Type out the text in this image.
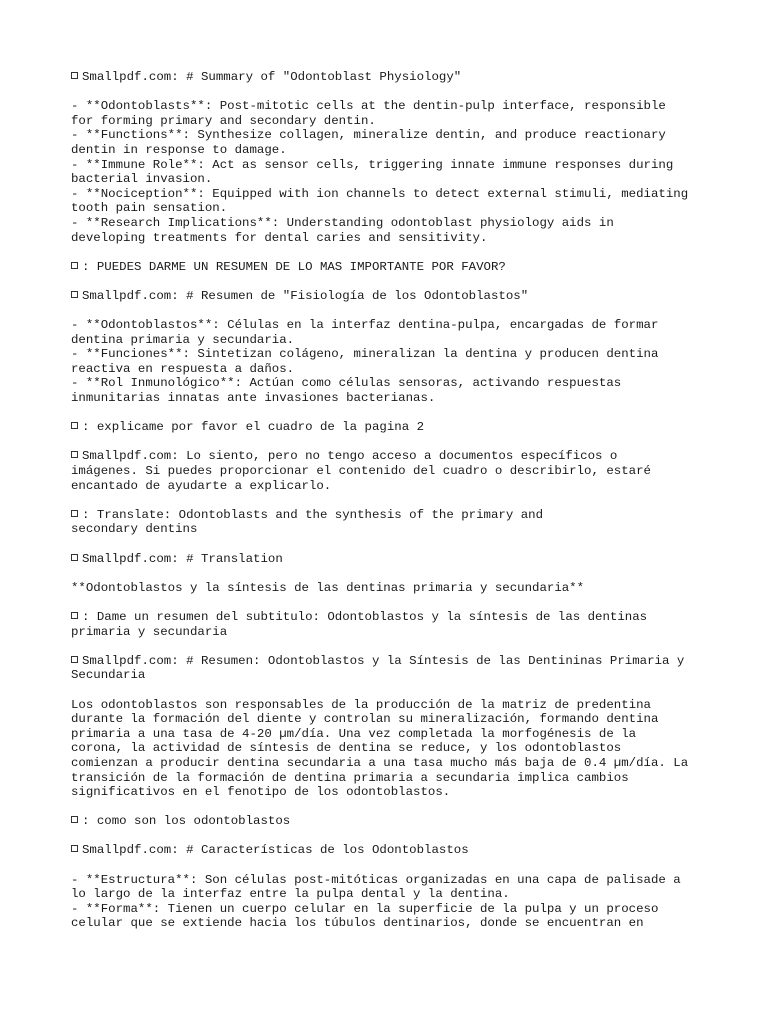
Smallpdf.com: # Summary of "Odontoblast Physiology"
- **Odontoblasts**: Post-mitotic cells at the dentin-pulp interface, responsible
for forming primary and secondary dentin.
- **Functions**: Synthesize collagen, mineralize dentin, and produce reactionary
dentin in response to damage.
- **Immune Role**: Act as sensor cells, triggering innate immune responses during
bacterial invasion.
- **Nociception**: Equipped with ion channels to detect external stimuli, mediating
tooth pain sensation.
- **Research Implications**: Understanding odontoblast physiology aids in
developing treatments for dental caries and sensitivity.
: PUEDES DARME UN RESUMEN DE LO MAS IMPORTANTE POR FAVOR?
Smallpdf.com: # Resumen de "Fisiología de los Odontoblastos"
- **Odontoblastos**: Células en la interfaz dentina-pulpa, encargadas de formar
dentina primaria y secundaria.
- **Funciones**: Sintetizan colágeno, mineralizan la dentina y producen dentina
reactiva en respuesta a daños.
- **Rol Inmunológico**: Actúan como células sensoras, activando respuestas
inmunitarias innatas ante invasiones bacterianas.
: explicame por favor el cuadro de la pagina 2
Smallpdf.com: Lo siento, pero no tengo acceso a documentos específicos o
imágenes. Si puedes proporcionar el contenido del cuadro o describirlo, estaré
encantado de ayudarte a explicarlo.
: Translate: Odontoblasts and the synthesis of the primary and
secondary dentins
Smallpdf.com: # Translation
**Odontoblastos y la síntesis de las dentinas primaria y secundaria**
: Dame un resumen del subtitulo: Odontoblastos y la síntesis de las dentinas
primaria y secundaria
Smallpdf.com: # Resumen: Odontoblastos y la Síntesis de las Dentininas Primaria y
Secundaria
Los odontoblastos son responsables de la producción de la matriz de predentina
durante la formación del diente y controlan su mineralización, formando dentina
primaria a una tasa de 4-20 µm/día. Una vez completada la morfogénesis de la
corona, la actividad de síntesis de dentina se reduce, y los odontoblastos
comienzan a producir dentina secundaria a una tasa mucho más baja de 0.4 µm/día. La
transición de la formación de dentina primaria a secundaria implica cambios
significativos en el fenotipo de los odontoblastos.
: como son los odontoblastos
Smallpdf.com: # Características de los Odontoblastos
- **Estructura**: Son células post-mitóticas organizadas en una capa de palisade a
lo largo de la interfaz entre la pulpa dental y la dentina.
- **Forma**: Tienen un cuerpo celular en la superficie de la pulpa y un proceso
celular que se extiende hacia los túbulos dentinarios, donde se encuentran en
